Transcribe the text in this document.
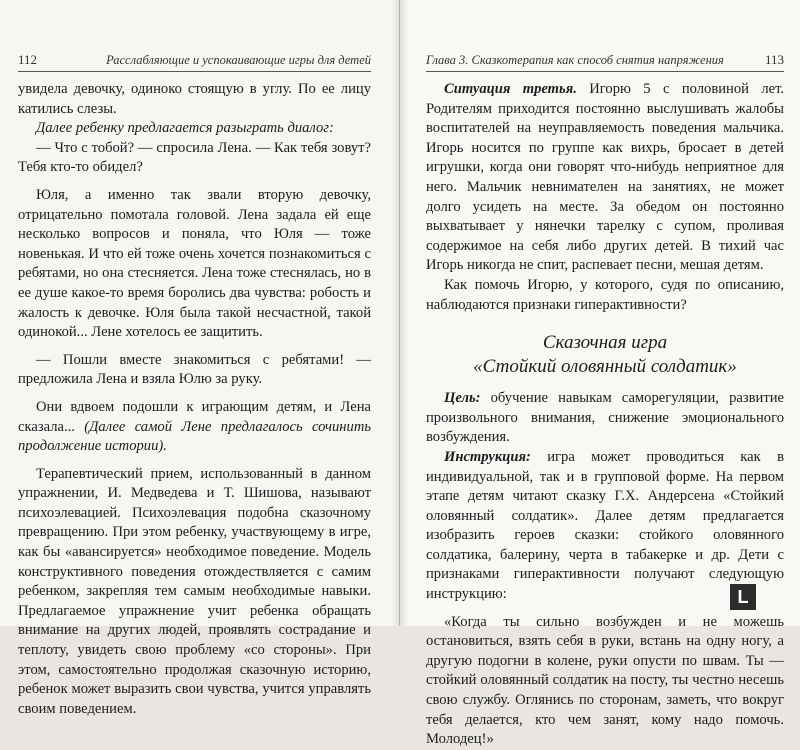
112	Расслабляющие и успокаивающие игры для детей

увидела девочку, одиноко стоящую в углу. По ее лицу катились слезы.

Далее ребенку предлагается разыграть диалог:

— Что с тобой? — спросила Лена. — Как тебя зовут? Тебя кто-то обидел?

Юля, а именно так звали вторую девочку, отрицательно помотала головой. Лена задала ей еще несколько вопросов и поняла, что Юля — тоже новенькая. И что ей тоже очень хочется познакомиться с ребятами, но она стесняется. Лена тоже стеснялась, но в ее душе какое-то время боролись два чувства: робость и жалость к девочке. Юля была такой несчастной, такой одинокой... Лене хотелось ее защитить.

— Пошли вместе знакомиться с ребятами! — предложила Лена и взяла Юлю за руку.

Они вдвоем подошли к играющим детям, и Лена сказала... (Далее самой Лене предлагалось сочинить продолжение истории).

Терапевтический прием, использованный в данном упражнении, И. Медведева и Т. Шишова, называют психоэлевацией. Психоэлевация подобна сказочному превращению. При этом ребенку, участвующему в игре, как бы «авансируется» необходимое поведение. Модель конструктивного поведения отождествляется с самим ребенком, закрепляя тем самым необходимые навыки. Предлагаемое упражнение учит ребенка обращать внимание на других людей, проявлять сострадание и теплоту, увидеть свою проблему «со стороны». При этом, самостоятельно продолжая сказочную историю, ребенок может выразить свои чувства, учится управлять своим поведением.

Глава 3. Сказкотерапия как способ снятия напряжения	113

Ситуация третья. Игорю 5 с половиной лет. Родителям приходится постоянно выслушивать жалобы воспитателей на неуправляемость поведения мальчика. Игорь носится по группе как вихрь, бросает в детей игрушки, когда они говорят что-нибудь неприятное для него. Мальчик невнимателен на занятиях, не может долго усидеть на месте. За обедом он постоянно выхватывает у нянечки тарелку с супом, проливая содержимое на себя либо других детей. В тихий час Игорь никогда не спит, распевает песни, мешая детям.

Как помочь Игорю, у которого, судя по описанию, наблюдаются признаки гиперактивности?

Сказочная игра
«Стойкий оловянный солдатик»

Цель: обучение навыкам саморегуляции, развитие произвольного внимания, снижение эмоционального возбуждения.

Инструкция: игра может проводиться как в индивидуальной, так и в групповой форме. На первом этапе детям читают сказку Г.Х. Андерсена «Стойкий оловянный солдатик». Далее детям предлагается изобразить героев сказки: стойкого оловянного солдатика, балерину, черта в табакерке и др. Дети с признаками гиперактивности получают следующую инструкцию:

«Когда ты сильно возбужден и не можешь остановиться, взять себя в руки, встань на одну ногу, а другую подогни в колене, руки опусти по швам. Ты — стойкий оловянный солдатик на посту, ты честно несешь свою службу. Оглянись по сторонам, заметь, что вокруг тебя делается, кто чем занят, кому надо помочь. Молодец!»

L
